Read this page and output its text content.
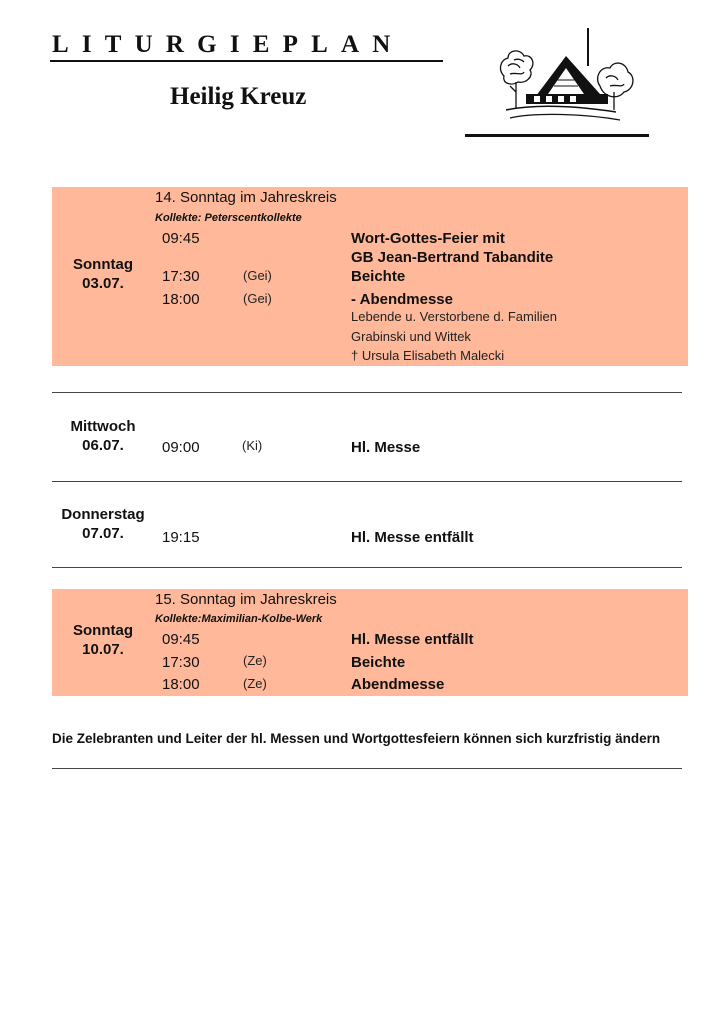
LITURGIEPLAN
Heilig Kreuz
Sonntag
03.07.
14. Sonntag im Jahreskreis
Kollekte: Peterscentkollekte
09:45	Wort-Gottes-Feier mit
GB Jean-Bertrand Tabandite
17:30	(Gei)	Beichte
18:00	(Gei)	- Abendmesse
Lebende u. Verstorbene d. Familien
Grabinski und Wittek
† Ursula Elisabeth Malecki
Mittwoch
06.07.	09:00	(Ki)	Hl. Messe
Donnerstag
07.07.	19:15	Hl. Messe entfällt
Sonntag
10.07.
15. Sonntag im Jahreskreis
Kollekte:Maximilian-Kolbe-Werk
09:45	Hl. Messe entfällt
17:30	(Ze)	Beichte
18:00	(Ze)	Abendmesse
Die Zelebranten und Leiter der hl. Messen und Wortgottesfeiern können sich kurzfristig ändern
